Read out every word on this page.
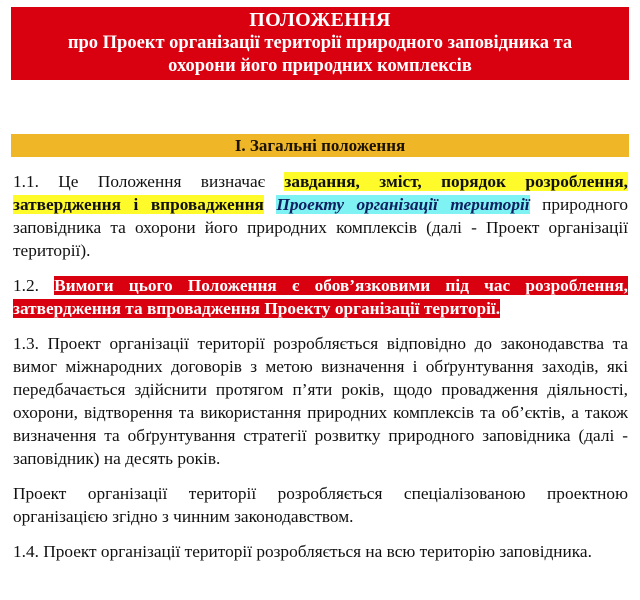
ПОЛОЖЕННЯ
про Проект організації території природного заповідника та
охорони його природних комплексів
І. Загальні положення

1.1. Це Положення визначає завдання, зміст, порядок розроблення, затвердження і впровадження Проекту організації території природного заповідника та охорони його природних комплексів (далі - Проект організації території).

1.2. Вимоги цього Положення є обов’язковими під час розроблення, затвердження та впровадження Проекту організації території.

1.3. Проект організації території розробляється відповідно до законодавства та вимог міжнародних договорів з метою визначення і обґрунтування заходів, які передбачається здійснити протягом п’яти років, щодо провадження діяльності, охорони, відтворення та використання природних комплексів та об’єктів, а також визначення та обґрунтування стратегії розвитку природного заповідника (далі - заповідник) на десять років.

Проект організації території розробляється спеціалізованою проектною організацією згідно з чинним законодавством.

1.4. Проект організації території розробляється на всю територію заповідника.
